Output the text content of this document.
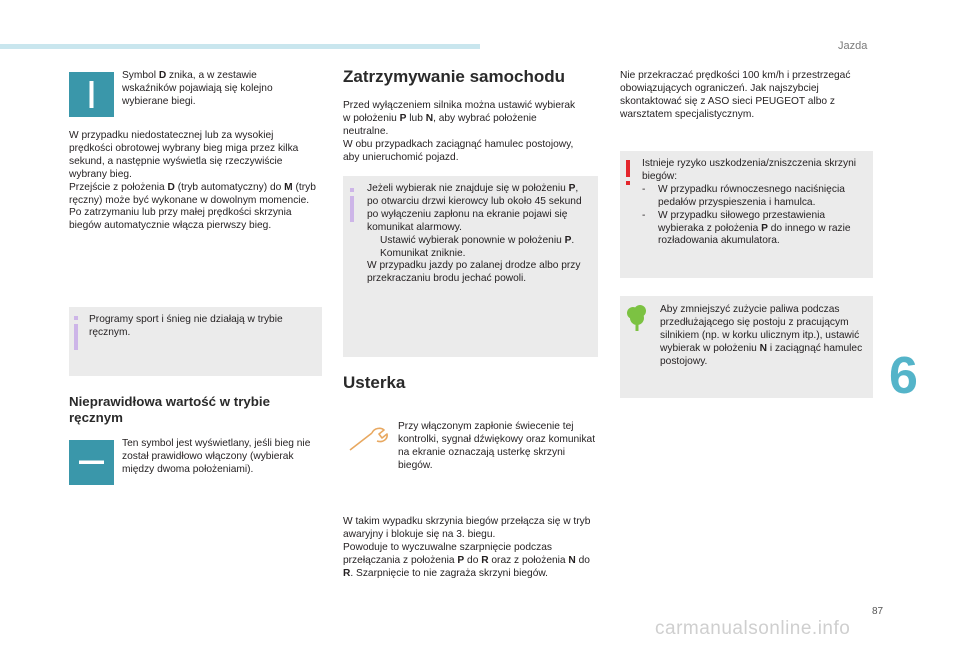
Jazda
6
Symbol D znika, a w zestawie wskaźników pojawiają się kolejno wybierane biegi.
W przypadku niedostatecznej lub za wysokiej prędkości obrotowej wybrany bieg miga przez kilka sekund, a następnie wyświetla się rzeczywiście wybrany bieg.
Przejście z położenia D (tryb automatyczny) do M (tryb ręczny) może być wykonane w dowolnym momencie.
Po zatrzymaniu lub przy małej prędkości skrzynia biegów automatycznie włącza pierwszy bieg.
Programy sport i śnieg nie działają w trybie ręcznym.
Nieprawidłowa wartość w trybie ręcznym
Ten symbol jest wyświetlany, jeśli bieg nie został prawidłowo włączony (wybierak między dwoma położeniami).
Zatrzymywanie samochodu
Przed wyłączeniem silnika można ustawić wybierak w położeniu P lub N, aby wybrać położenie neutralne.
W obu przypadkach zaciągnąć hamulec postojowy, aby unieruchomić pojazd.
Jeżeli wybierak nie znajduje się w położeniu P, po otwarciu drzwi kierowcy lub około 45 sekund po wyłączeniu zapłonu na ekranie pojawi się komunikat alarmowy.
Ustawić wybierak ponownie w położeniu P. Komunikat zniknie.
W przypadku jazdy po zalanej drodze albo przy przekraczaniu brodu jechać powoli.
Usterka
Przy włączonym zapłonie świecenie tej kontrolki, sygnał dźwiękowy oraz komunikat na ekranie oznaczają usterkę skrzyni biegów.
W takim wypadku skrzynia biegów przełącza się w tryb awaryjny i blokuje się na 3. biegu.
Powoduje to wyczuwalne szarpnięcie podczas przełączania z położenia P do R oraz z położenia N do R. Szarpnięcie to nie zagraża skrzyni biegów.
Nie przekraczać prędkości 100 km/h i przestrzegać obowiązujących ograniczeń. Jak najszybciej skontaktować się z ASO sieci PEUGEOT albo z warsztatem specjalistycznym.
Istnieje ryzyko uszkodzenia/zniszczenia skrzyni biegów:
-	W przypadku równoczesnego naciśnięcia pedałów przyspieszenia i hamulca.
-	W przypadku siłowego przestawienia wybieraka z położenia P do innego w razie rozładowania akumulatora.
Aby zmniejszyć zużycie paliwa podczas przedłużającego się postoju z pracującym silnikiem (np. w korku ulicznym itp.), ustawić wybierak w położeniu N i zaciągnąć hamulec postojowy.
87
carmanualsonline.info
